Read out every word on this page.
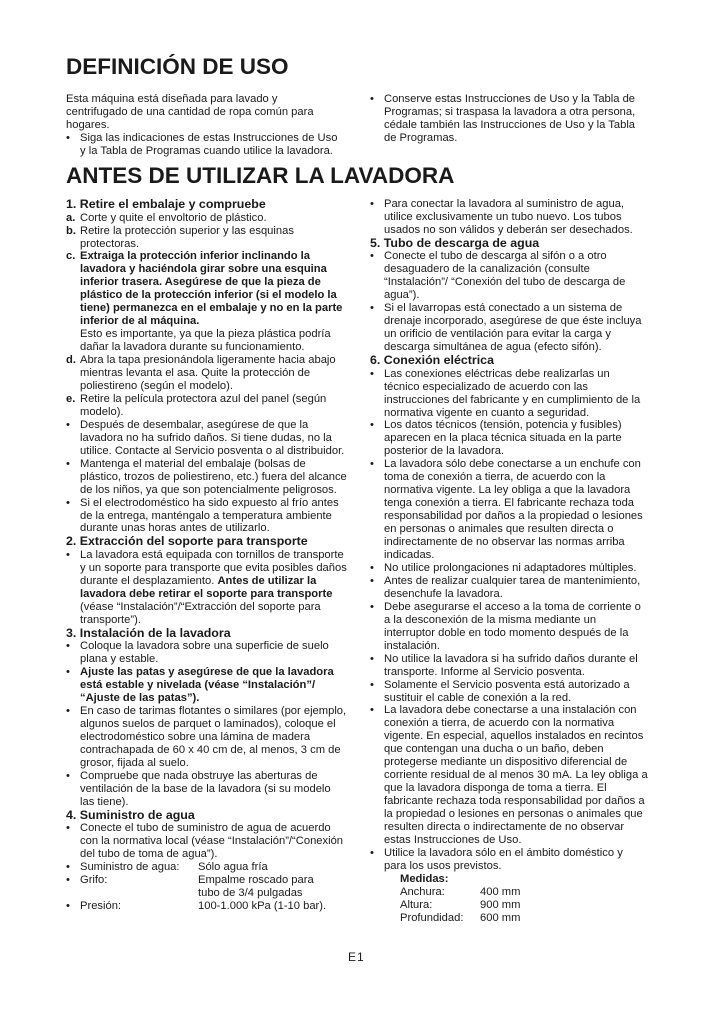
DEFINICIÓN DE USO

Esta máquina está diseñada para lavado y centrifugado de una cantidad de ropa común para hogares.

• Siga las indicaciones de estas Instrucciones de Uso y la Tabla de Programas cuando utilice la lavadora.
• Conserve estas Instrucciones de Uso y la Tabla de Programas; si traspasa la lavadora a otra persona, cédale también las Instrucciones de Uso y la Tabla de Programas.
ANTES DE UTILIZAR LA LAVADORA
1. Retire el embalaje y compruebe
a. Corte y quite el envoltorio de plástico.
b. Retire la protección superior y las esquinas protectoras.
c. Extraiga la protección inferior inclinando la lavadora y haciéndola girar sobre una esquina inferior trasera. Asegúrese de que la pieza de plástico de la protección inferior (si el modelo la tiene) permanezca en el embalaje y no en la parte inferior de al máquina.
Esto es importante, ya que la pieza plástica podría dañar la lavadora durante su funcionamiento.
d. Abra la tapa presionándola ligeramente hacia abajo mientras levanta el asa. Quite la protección de poliestireno (según el modelo).
e. Retire la película protectora azul del panel (según modelo).
• Después de desembalar, asegúrese de que la lavadora no ha sufrido daños. Si tiene dudas, no la utilice. Contacte al Servicio posventa o al distribuidor.
• Mantenga el material del embalaje (bolsas de plástico, trozos de poliestireno, etc.) fuera del alcance de los niños, ya que son potencialmente peligrosos.
• Si el electrodoméstico ha sido expuesto al frío antes de la entrega, manténgalo a temperatura ambiente durante unas horas antes de utilizarlo.
2. Extracción del soporte para transporte
• La lavadora está equipada con tornillos de transporte y un soporte para transporte que evita posibles daños durante el desplazamiento. Antes de utilizar la lavadora debe retirar el soporte para transporte (véase “Instalación”/“Extracción del soporte para transporte”).
3. Instalación de la lavadora
• Coloque la lavadora sobre una superficie de suelo plana y estable.
• Ajuste las patas y asegúrese de que la lavadora está estable y nivelada (véase “Instalación”/ “Ajuste de las patas”).
• En caso de tarimas flotantes o similares (por ejemplo, algunos suelos de parquet o laminados), coloque el electrodoméstico sobre una lámina de madera contrachapada de 60 x 40 cm de, al menos, 3 cm de grosor, fijada al suelo.
• Compruebe que nada obstruye las aberturas de ventilación de la base de la lavadora (si su modelo las tiene).
4. Suministro de agua
• Conecte el tubo de suministro de agua de acuerdo con la normativa local (véase “Instalación”/“Conexión del tubo de toma de agua”).
• Suministro de agua:	Sólo agua fría
• Grifo:	Empalme roscado para tubo de 3/4 pulgadas
• Presión:	100-1.000 kPa (1-10 bar).
• Para conectar la lavadora al suministro de agua, utilice exclusivamente un tubo nuevo. Los tubos usados no son válidos y deberán ser desechados.
5. Tubo de descarga de agua
• Conecte el tubo de descarga al sifón o a otro desaguadero de la canalización (consulte “Instalación”/ “Conexión del tubo de descarga de agua”).
• Si el lavarropas está conectado a un sistema de drenaje incorporado, asegúrese de que éste incluya un orificio de ventilación para evitar la carga y descarga simultánea de agua (efecto sifón).
6. Conexión eléctrica
• Las conexiones eléctricas debe realizarlas un técnico especializado de acuerdo con las instrucciones del fabricante y en cumplimiento de la normativa vigente en cuanto a seguridad.
• Los datos técnicos (tensión, potencia y fusibles) aparecen en la placa técnica situada en la parte posterior de la lavadora.
• La lavadora sólo debe conectarse a un enchufe con toma de conexión a tierra, de acuerdo con la normativa vigente. La ley obliga a que la lavadora tenga conexión a tierra. El fabricante rechaza toda responsabilidad por daños a la propiedad o lesiones en personas o animales que resulten directa o indirectamente de no observar las normas arriba indicadas.
• No utilice prolongaciones ni adaptadores múltiples.
• Antes de realizar cualquier tarea de mantenimiento, desenchufe la lavadora.
• Debe asegurarse el acceso a la toma de corriente o a la desconexión de la misma mediante un interruptor doble en todo momento después de la instalación.
• No utilice la lavadora si ha sufrido daños durante el transporte. Informe al Servicio posventa.
• Solamente el Servicio posventa está autorizado a sustituir el cable de conexión a la red.
• La lavadora debe conectarse a una instalación con conexión a tierra, de acuerdo con la normativa vigente. En especial, aquellos instalados en recintos que contengan una ducha o un baño, deben protegerse mediante un dispositivo diferencial de corriente residual de al menos 30 mA. La ley obliga a que la lavadora disponga de toma a tierra. El fabricante rechaza toda responsabilidad por daños a la propiedad o lesiones en personas o animales que resulten directa o indirectamente de no observar estas Instrucciones de Uso.
• Utilice la lavadora sólo en el ámbito doméstico y para los usos previstos.
Medidas:
Anchura:	400 mm
Altura:	900 mm
Profundidad:	600 mm
E1
